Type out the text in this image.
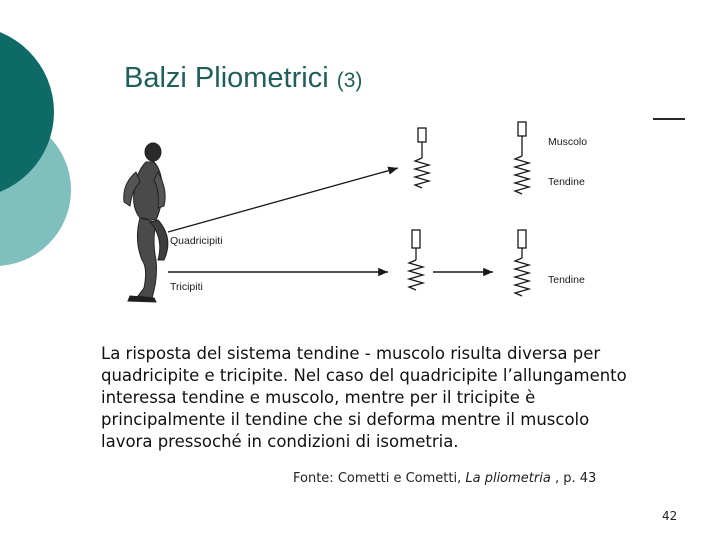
Balzi Pliometrici (3)
Quadricipiti
Tricipiti
Muscolo
Tendine
Tendine
La risposta del sistema tendine - muscolo risulta diversa per quadricipite e tricipite. Nel caso del quadricipite l’allungamento interessa tendine e muscolo, mentre per il tricipite è principalmente il tendine che si deforma mentre il muscolo lavora pressoché in condizioni di isometria.
Fonte: Cometti e Cometti, La pliometria , p. 43
42
